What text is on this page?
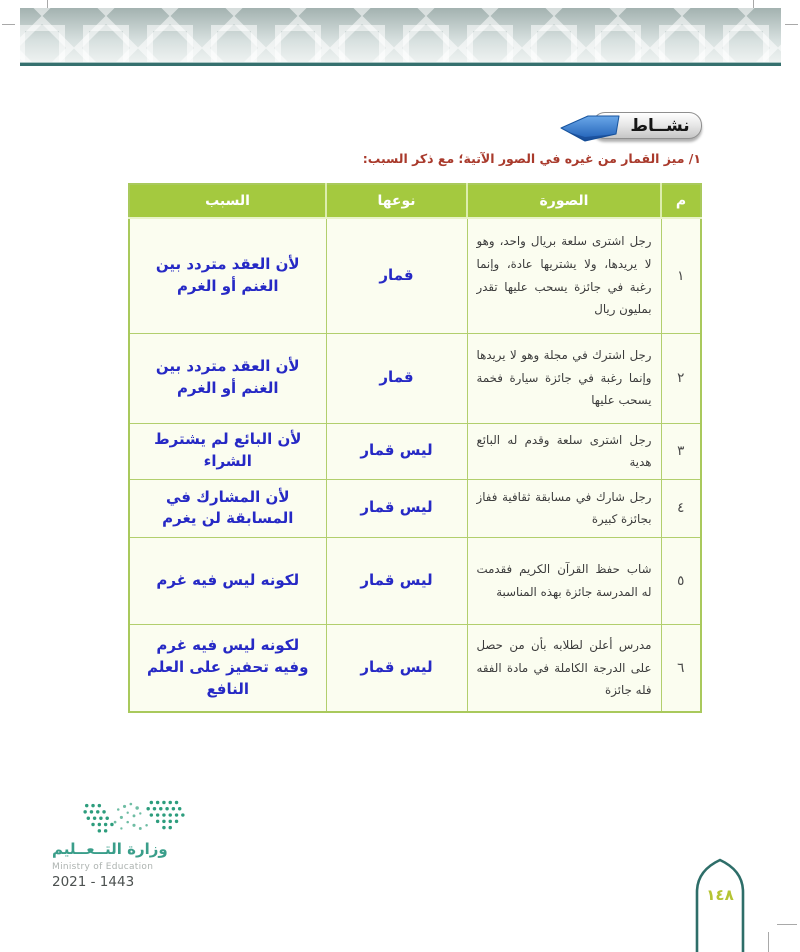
نشــاط
١/ ميز القمار من غيره في الصور الآتية؛ مع ذكر السبب:
م	الصورة	نوعها	السبب
١	رجل اشترى سلعة بريال واحد، وهو لا يريدها، ولا يشتريها عادة، وإنما رغبة في جائزة يسحب عليها تقدر بمليون ريال	قمار	لأن العقد متردد بين الغنم أو الغرم
٢	رجل اشترك في مجلة وهو لا يريدها وإنما رغبة في جائزة سيارة فخمة يسحب عليها	قمار	لأن العقد متردد بين الغنم أو الغرم
٣	رجل اشترى سلعة وقدم له البائع هدية	ليس قمار	لأن البائع لم يشترط الشراء
٤	رجل شارك في مسابقة ثقافية ففاز بجائزة كبيرة	ليس قمار	لأن المشارك في المسابقة لن يغرم
٥	شاب حفظ القرآن الكريم فقدمت له المدرسة جائزة بهذه المناسبة	ليس قمار	لكونه ليس فيه غرم
٦	مدرس أعلن لطلابه بأن من حصل على الدرجة الكاملة في مادة الفقه فله جائزة	ليس قمار	لكونه ليس فيه غرم وفيه تحفيز على العلم النافع
وزارة التــعــليم
Ministry of Education
2021 - 1443
١٤٨
